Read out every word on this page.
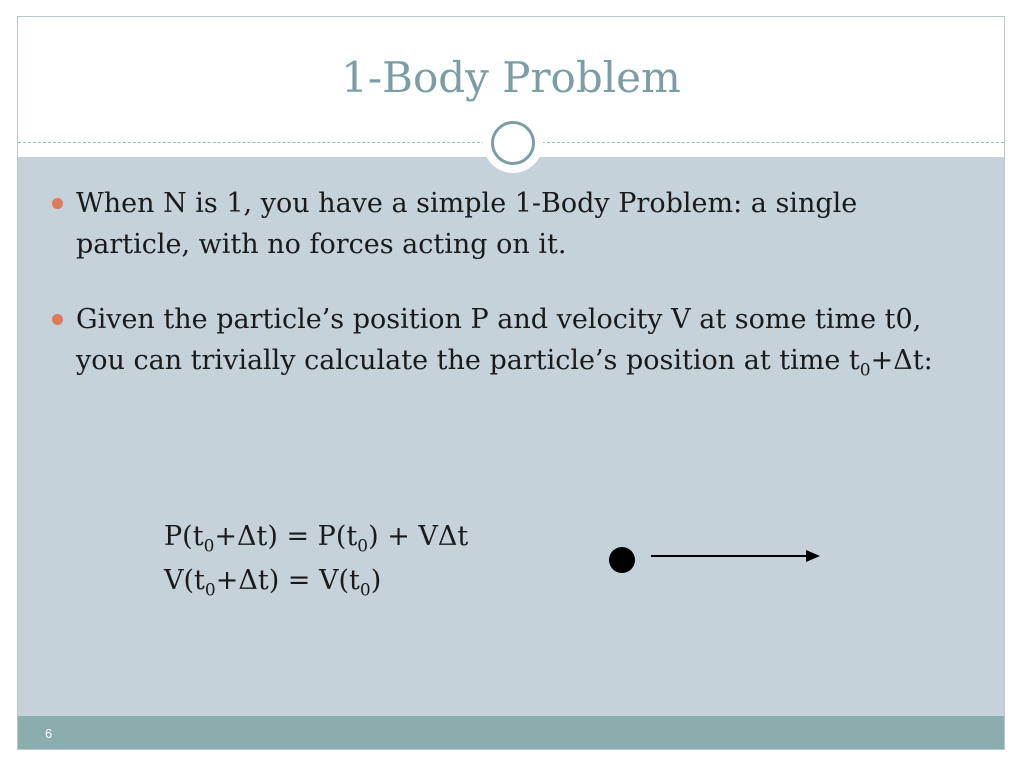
1-Body Problem
When N is 1, you have a simple 1-Body Problem: a single particle, with no forces acting on it.
Given the particle’s position P and velocity V at some time t0, you can trivially calculate the particle’s position at time $t_0+\Delta t$:
$P(t_0+\Delta t) = P(t_0) + V\Delta t$
$V(t_0+\Delta t) = V(t_0)$
6
